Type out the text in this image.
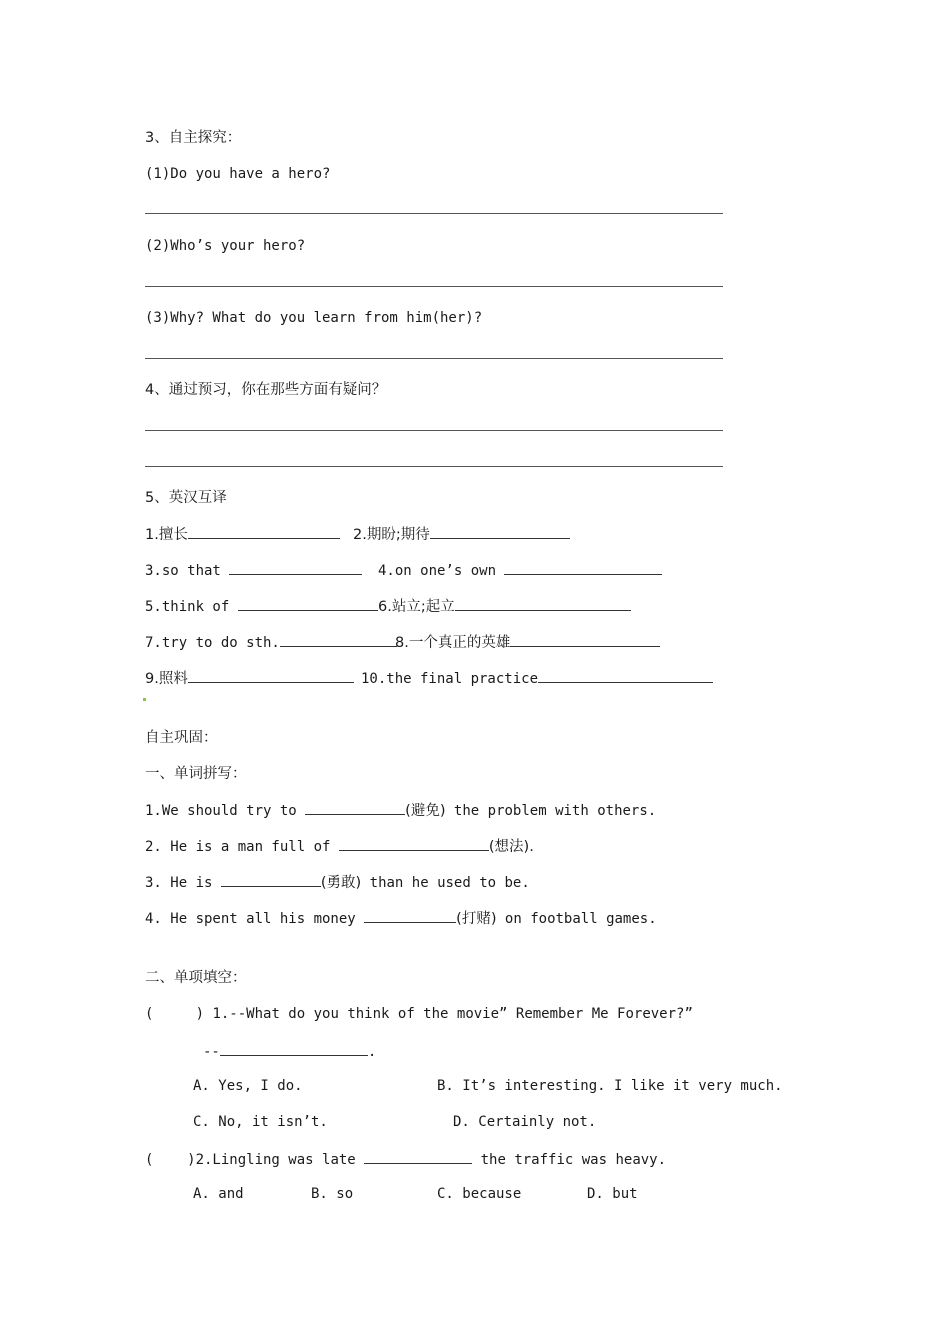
3、自主探究：
(1)Do you have a hero?
(2)Who’s your hero?
(3)Why? What do you learn from him(her)?
4、通过预习，你在那些方面有疑问？
5、英汉互译
1.擅长	2.期盼;期待
3.so that	4.on one’s own
5.think of	6.站立;起立
7.try to do sth.	8.一个真正的英雄
9.照料	10.the final practice
自主巩固：
一、单词拼写：
1.We should try to	(避免) the problem with others.
2. He is a man full of	(想法).
3. He is	(勇敢) than he used to be.
4. He spent all his money	(打赌) on football games.
二、单项填空：
(     ) 1.--What do you think of the movie” Remember Me Forever?”
--	.
A. Yes, I do.	B. It’s interesting. I like it very much.
C. No, it isn’t.	D. Certainly not.
(    )2.Lingling was late	the traffic was heavy.
A. and	B. so	C. because	D. but
